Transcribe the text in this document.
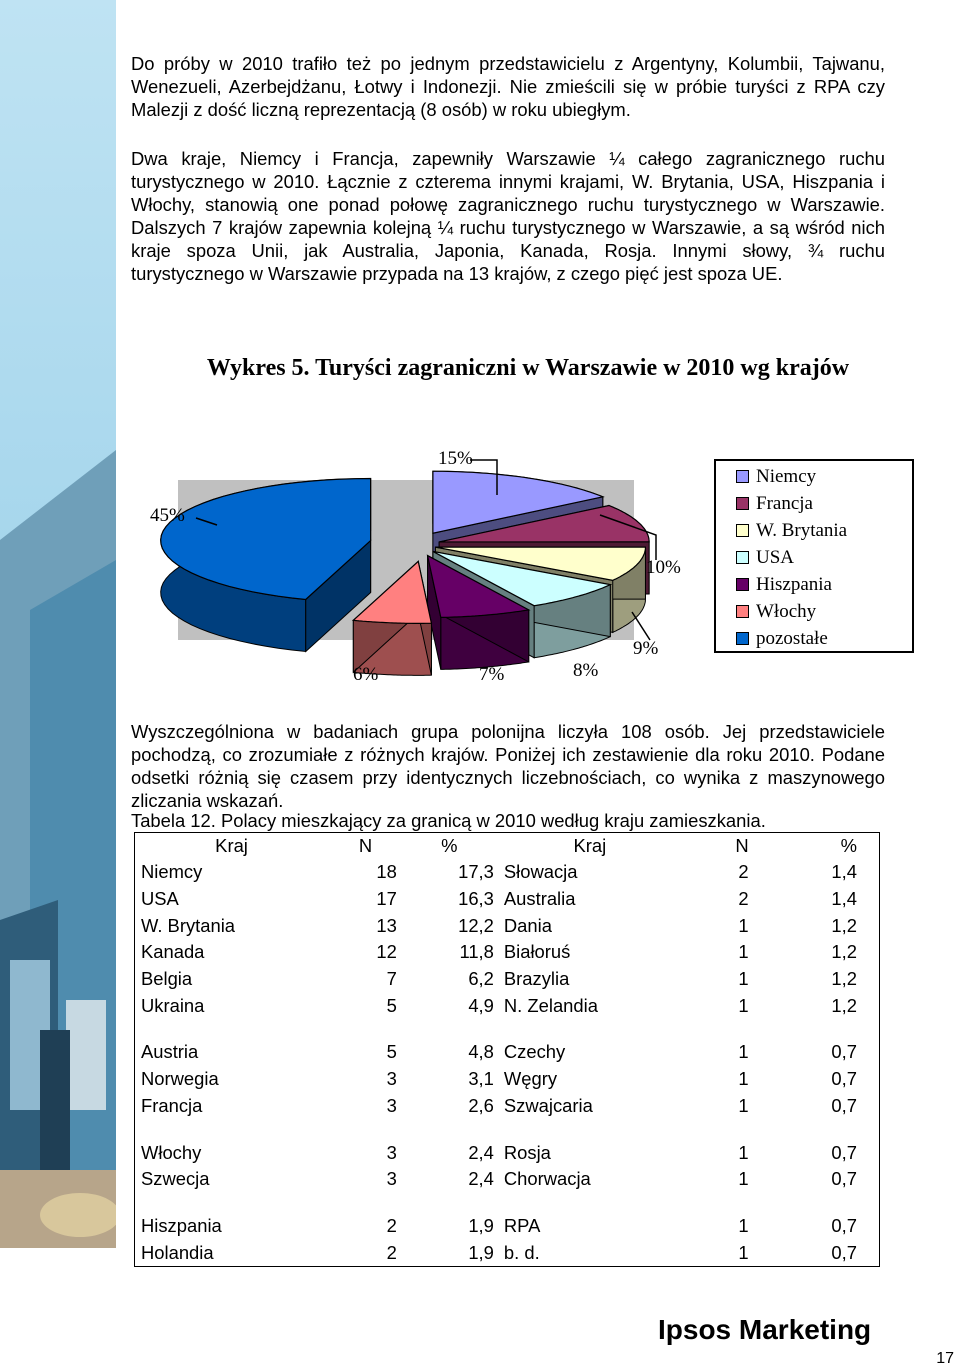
Do próby w 2010 trafiło też po jednym przedstawicielu z Argentyny, Kolumbii, Tajwanu, Wenezueli, Azerbejdżanu, Łotwy i Indonezji. Nie zmieścili się w próbie turyści z RPA czy Malezji z dość liczną reprezentacją (8 osób) w roku ubiegłym.

Dwa kraje, Niemcy i Francja, zapewniły Warszawie ¼ całego zagranicznego ruchu turystycznego w 2010. Łącznie z czterema innymi krajami, W. Brytania, USA, Hiszpania i Włochy, stanowią one ponad połowę zagranicznego ruchu turystycznego w Warszawie. Dalszych 7 krajów zapewnia kolejną ¼ ruchu turystycznego w Warszawie, a są wśród nich kraje spoza Unii, jak Australia, Japonia, Kanada, Rosja. Innymi słowy, ¾ ruchu turystycznego w Warszawie przypada na 13 krajów, z czego pięć jest spoza UE.

Wykres 5. Turyści zagraniczni w Warszawie w 2010 wg krajów
15%
10%
9%
8%
7%
6%
45%
Niemcy
Francja
W. Brytania
USA
Hiszpania
Włochy
pozostałe

Wyszczególniona w badaniach grupa polonijna liczyła 108 osób. Jej przedstawiciele pochodzą, co zrozumiałe z różnych krajów. Poniżej ich zestawienie dla roku 2010. Podane odsetki różnią się czasem przy identycznych liczebnościach, co wynika z maszynowego zliczania wskazań.

Tabela 12. Polacy mieszkający za granicą w 2010 według kraju zamieszkania.
Kraj	N	%	Kraj	N	%
Niemcy	18	17,3	Słowacja	2	1,4
USA	17	16,3	Australia	2	1,4
W. Brytania	13	12,2	Dania	1	1,2
Kanada	12	11,8	Białoruś	1	1,2
Belgia	7	6,2	Brazylia	1	1,2
Ukraina	5	4,9	N. Zelandia	1	1,2

Austria	5	4,8	Czechy	1	0,7
Norwegia	3	3,1	Węgry	1	0,7
Francja	3	2,6	Szwajcaria	1	0,7

Włochy	3	2,4	Rosja	1	0,7
Szwecja	3	2,4	Chorwacja	1	0,7

Hiszpania	2	1,9	RPA	1	0,7
Holandia	2	1,9	b. d.	1	0,7
Ipsos Marketing
17
